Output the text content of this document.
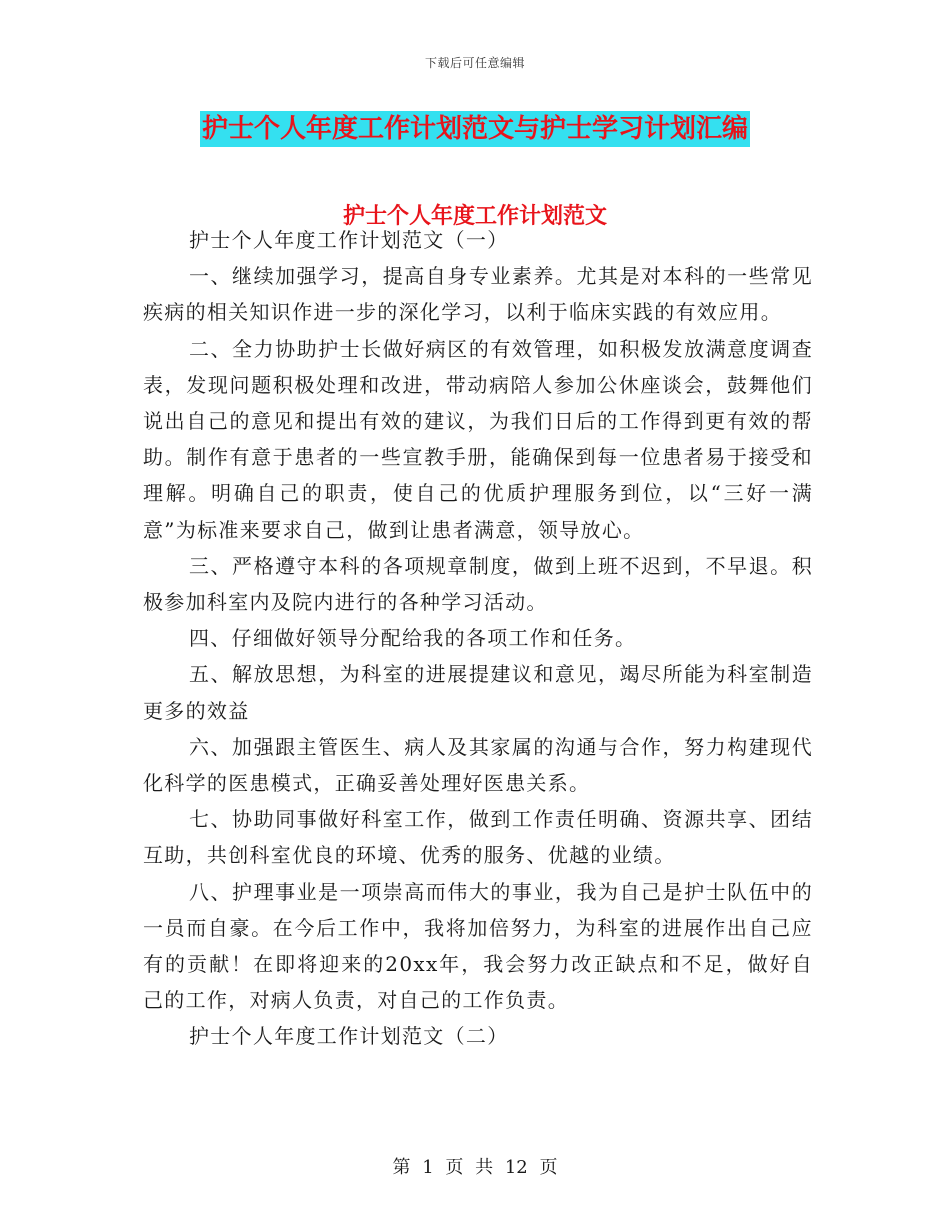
下载后可任意编辑
护士个人年度工作计划范文与护士学习计划汇编
护士个人年度工作计划范文

护士个人年度工作计划范文（一）

一、继续加强学习，提高自身专业素养。尤其是对本科的一些常见疾病的相关知识作进一步的深化学习，以利于临床实践的有效应用。

二、全力协助护士长做好病区的有效管理，如积极发放满意度调查表，发现问题积极处理和改进，带动病陪人参加公休座谈会，鼓舞他们说出自己的意见和提出有效的建议，为我们日后的工作得到更有效的帮助。制作有意于患者的一些宣教手册，能确保到每一位患者易于接受和理解。明确自己的职责，使自己的优质护理服务到位，以“三好一满意”为标准来要求自己，做到让患者满意，领导放心。

三、严格遵守本科的各项规章制度，做到上班不迟到，不早退。积极参加科室内及院内进行的各种学习活动。

四、仔细做好领导分配给我的各项工作和任务。

五、解放思想，为科室的进展提建议和意见，竭尽所能为科室制造更多的效益

六、加强跟主管医生、病人及其家属的沟通与合作，努力构建现代化科学的医患模式，正确妥善处理好医患关系。

七、协助同事做好科室工作，做到工作责任明确、资源共享、团结互助，共创科室优良的环境、优秀的服务、优越的业绩。

八、护理事业是一项崇高而伟大的事业，我为自己是护士队伍中的一员而自豪。在今后工作中，我将加倍努力，为科室的进展作出自己应有的贡献！在即将迎来的20xx年，我会努力改正缺点和不足，做好自己的工作，对病人负责，对自己的工作负责。

护士个人年度工作计划范文（二）

第 1 页 共 12 页
